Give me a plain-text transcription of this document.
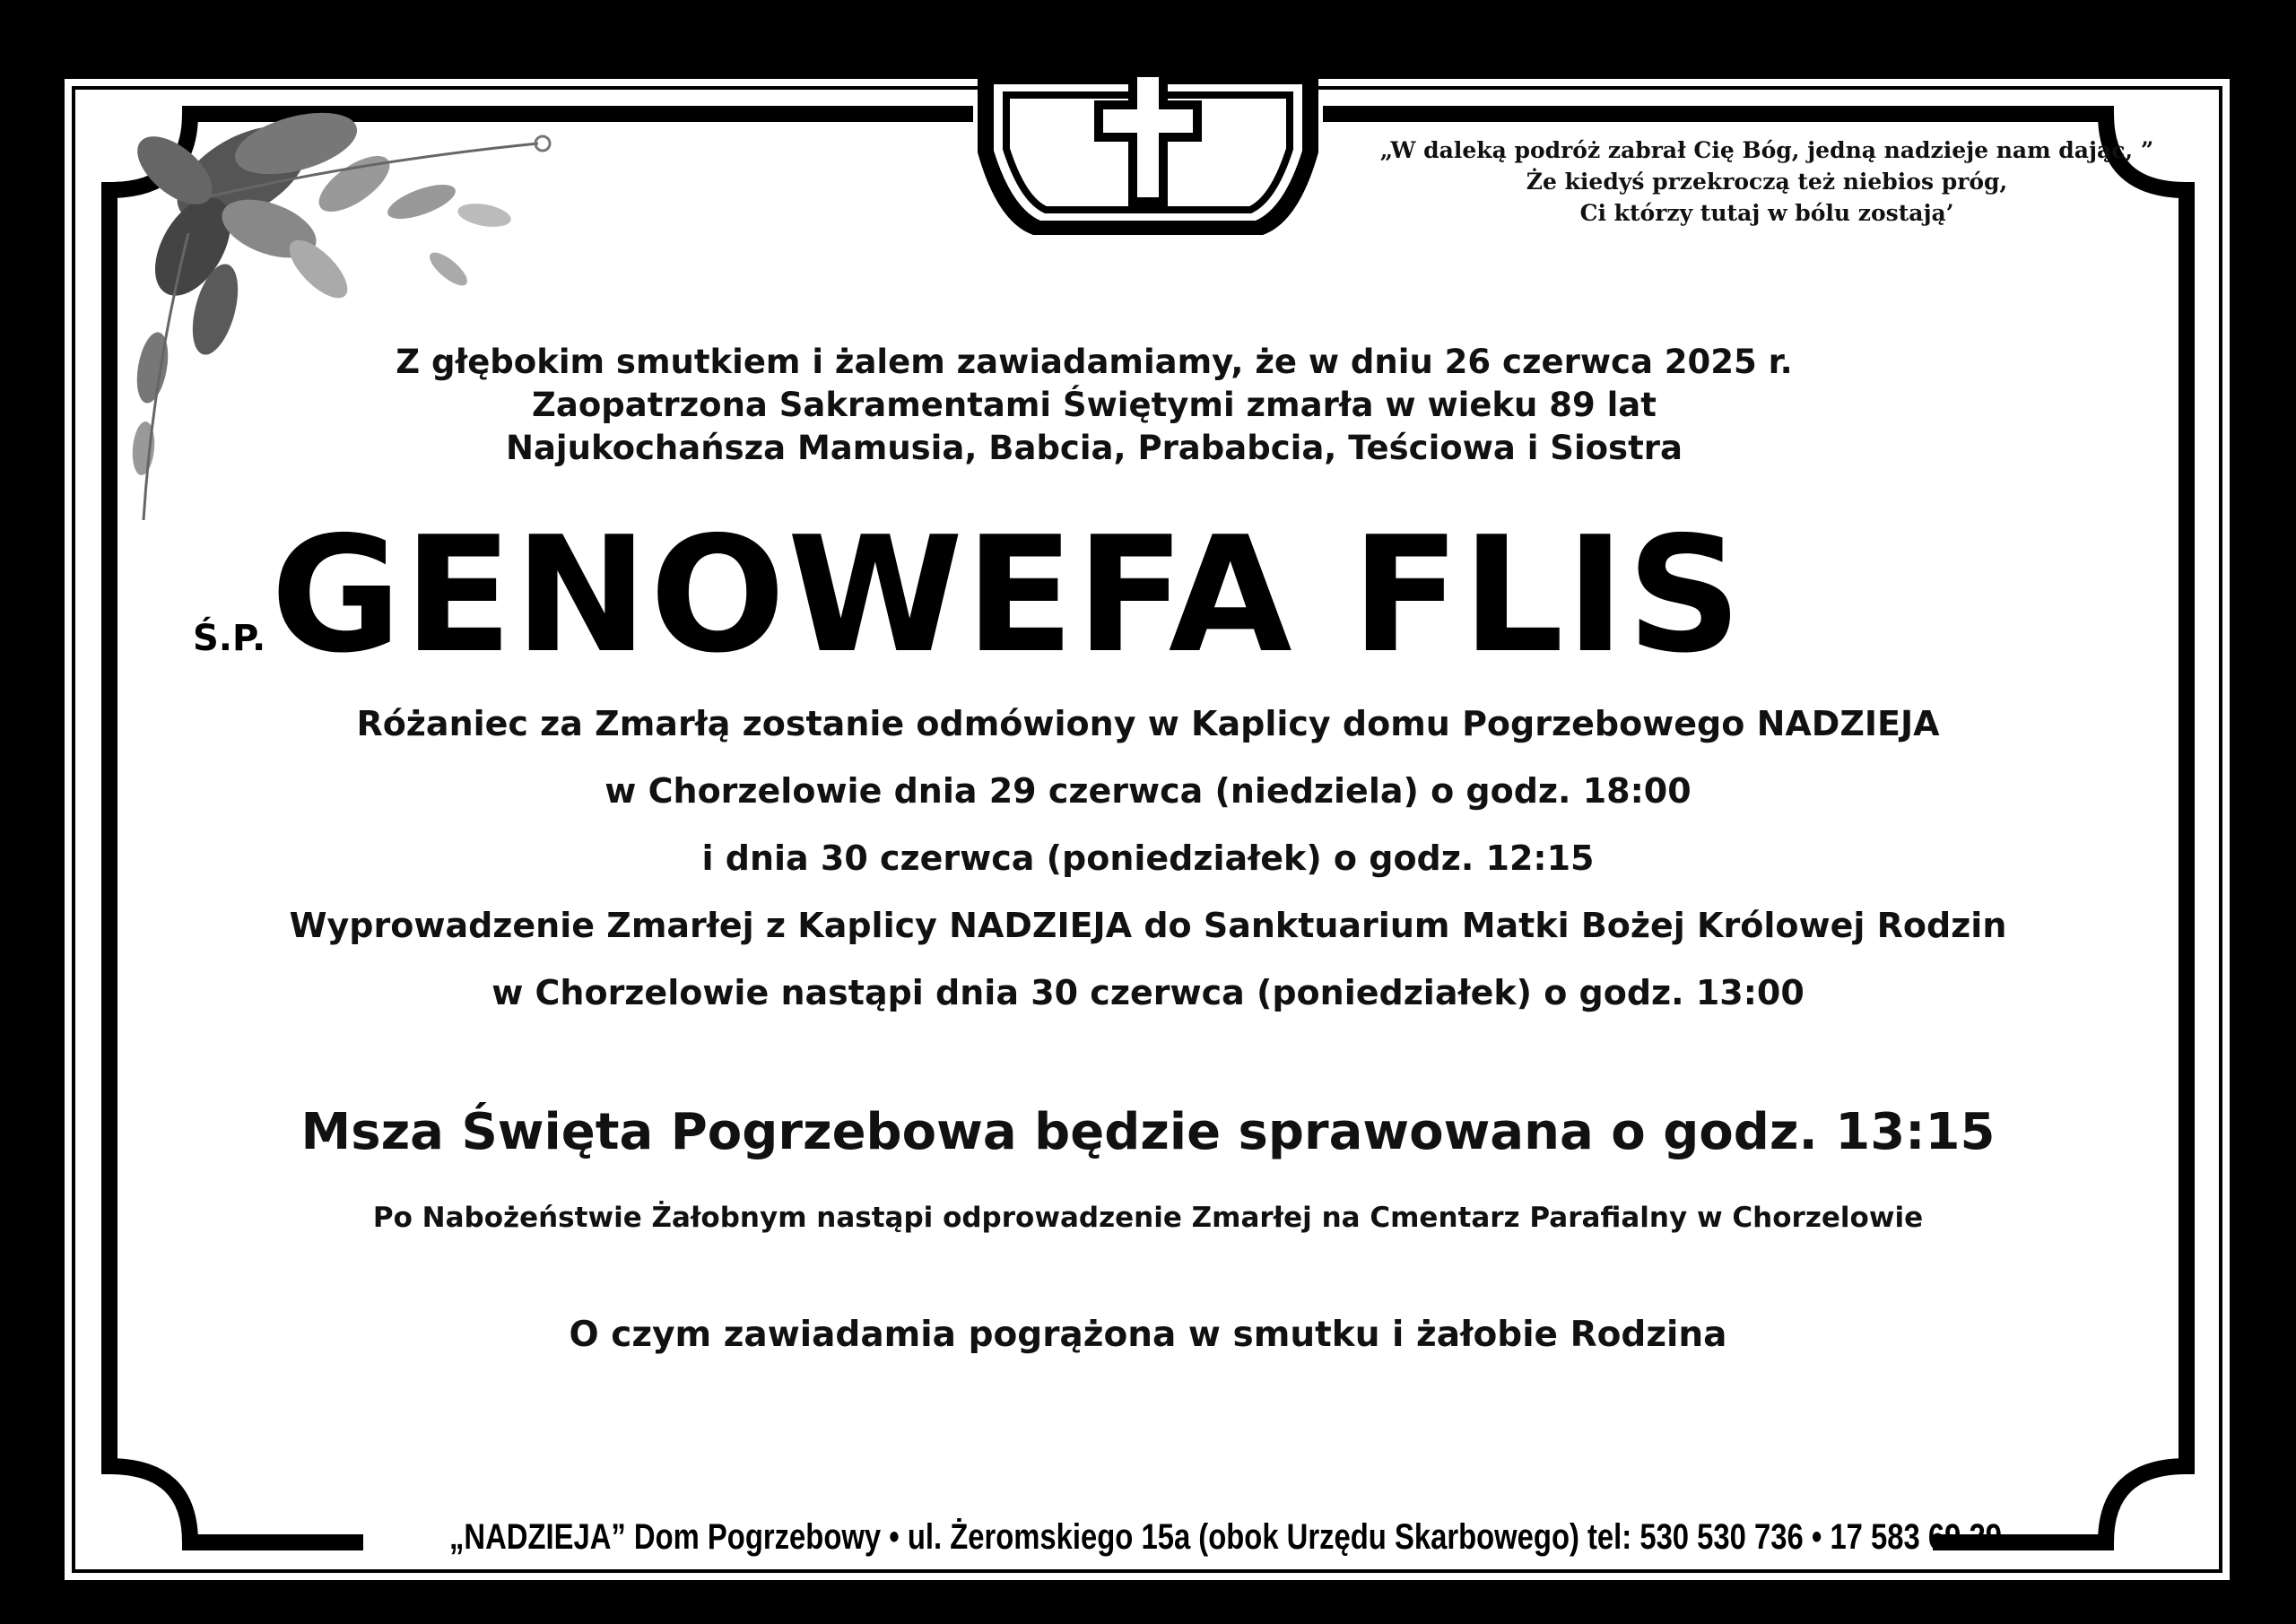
„W daleką podróż zabrał Cię Bóg, jedną nadzieje nam dając, ”
Że kiedyś przekroczą też niebios próg,
Ci którzy tutaj w bólu zostają’
Z głębokim smutkiem i żalem zawiadamiamy, że w dniu 26 czerwca 2025 r.
Zaopatrzona Sakramentami Świętymi zmarła w wieku 89 lat
Najukochańsza Mamusia, Babcia, Prababcia, Teściowa i Siostra
Ś.P. GENOWEFA FLIS
Różaniec za Zmarłą zostanie odmówiony w Kaplicy domu Pogrzebowego NADZIEJA
w Chorzelowie dnia 29 czerwca (niedziela) o godz. 18:00
i dnia 30 czerwca (poniedziałek) o godz. 12:15
Wyprowadzenie Zmarłej z Kaplicy NADZIEJA do Sanktuarium Matki Bożej Królowej Rodzin
w Chorzelowie nastąpi dnia 30 czerwca (poniedziałek) o godz. 13:00
Msza Święta Pogrzebowa będzie sprawowana o godz. 13:15
Po Nabożeństwie Żałobnym nastąpi odprowadzenie Zmarłej na Cmentarz Parafialny w Chorzelowie
O czym zawiadamia pogrążona w smutku i żałobie Rodzina
„NADZIEJA” Dom Pogrzebowy • ul. Żeromskiego 15a (obok Urzędu Skarbowego) tel: 530 530 736 • 17 583 69 29
